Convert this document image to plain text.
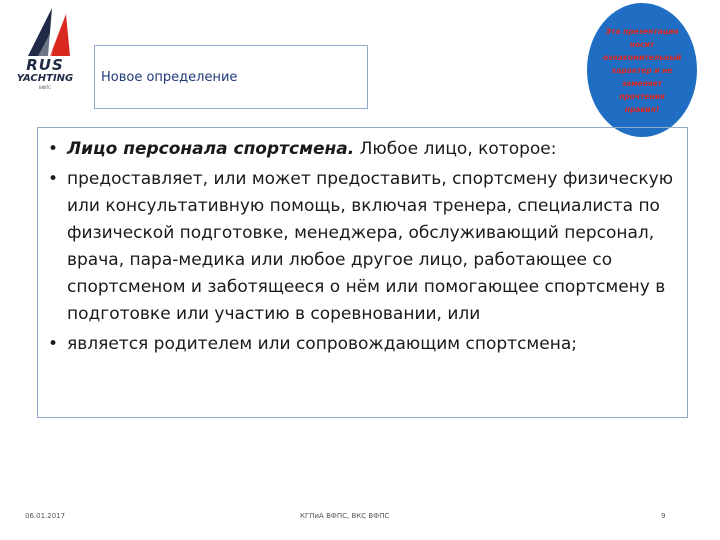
RUS
YACHTING
ВФПС
Новое определение
Эта презентация носит ознакомительный характер и не заменяет прочтения правил!
• Лицо персонала спортсмена. Любое лицо, которое:
• предоставляет, или может предоставить, спортсмену физическую или консультативную помощь, включая тренера, специалиста по физической подготовке, менеджера, обслуживающий персонал, врача, пара-медика или любое другое лицо, работающее со спортсменом и заботящееся о нём или помогающее спортсмену в подготовке или участию в соревновании, или
• является родителем или сопровождающим спортсмена;
06.01.2017	КГПиА ВФПС, ВКС ВФПС	9
